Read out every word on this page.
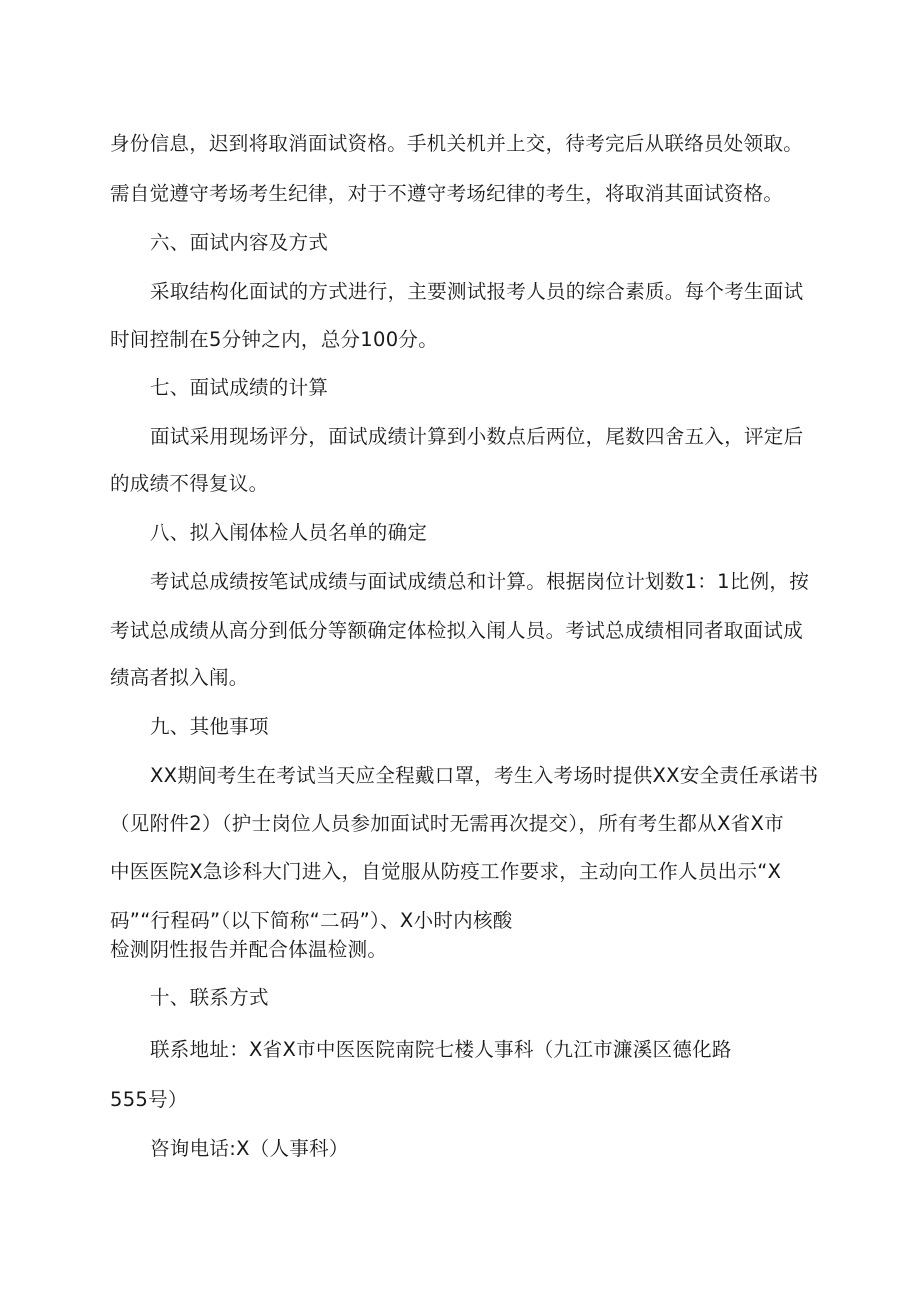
身份信息，迟到将取消面试资格。手机关机并上交，待考完后从联络员处领取。
需自觉遵守考场考生纪律，对于不遵守考场纪律的考生，将取消其面试资格。
六、面试内容及方式
采取结构化面试的方式进行，主要测试报考人员的综合素质。每个考生面试
时间控制在5分钟之内，总分100分。
七、面试成绩的计算
面试采用现场评分，面试成绩计算到小数点后两位，尾数四舍五入，评定后
的成绩不得复议。
八、拟入闱体检人员名单的确定
考试总成绩按笔试成绩与面试成绩总和计算。根据岗位计划数1：1比例，按
考试总成绩从高分到低分等额确定体检拟入闱人员。考试总成绩相同者取面试成
绩高者拟入闱。
九、其他事项
XX期间考生在考试当天应全程戴口罩，考生入考场时提供XX安全责任承诺书
（见附件2）（护士岗位人员参加面试时无需再次提交），所有考生都从X省X市
中医医院X急诊科大门进入，自觉服从防疫工作要求，主动向工作人员出示“X
码”“行程码”（以下简称“二码”）、X小时内核酸
检测阴性报告并配合体温检测。
十、联系方式
联系地址：X省X市中医医院南院七楼人事科（九江市濂溪区德化路
555号）
咨询电话:X（人事科）
